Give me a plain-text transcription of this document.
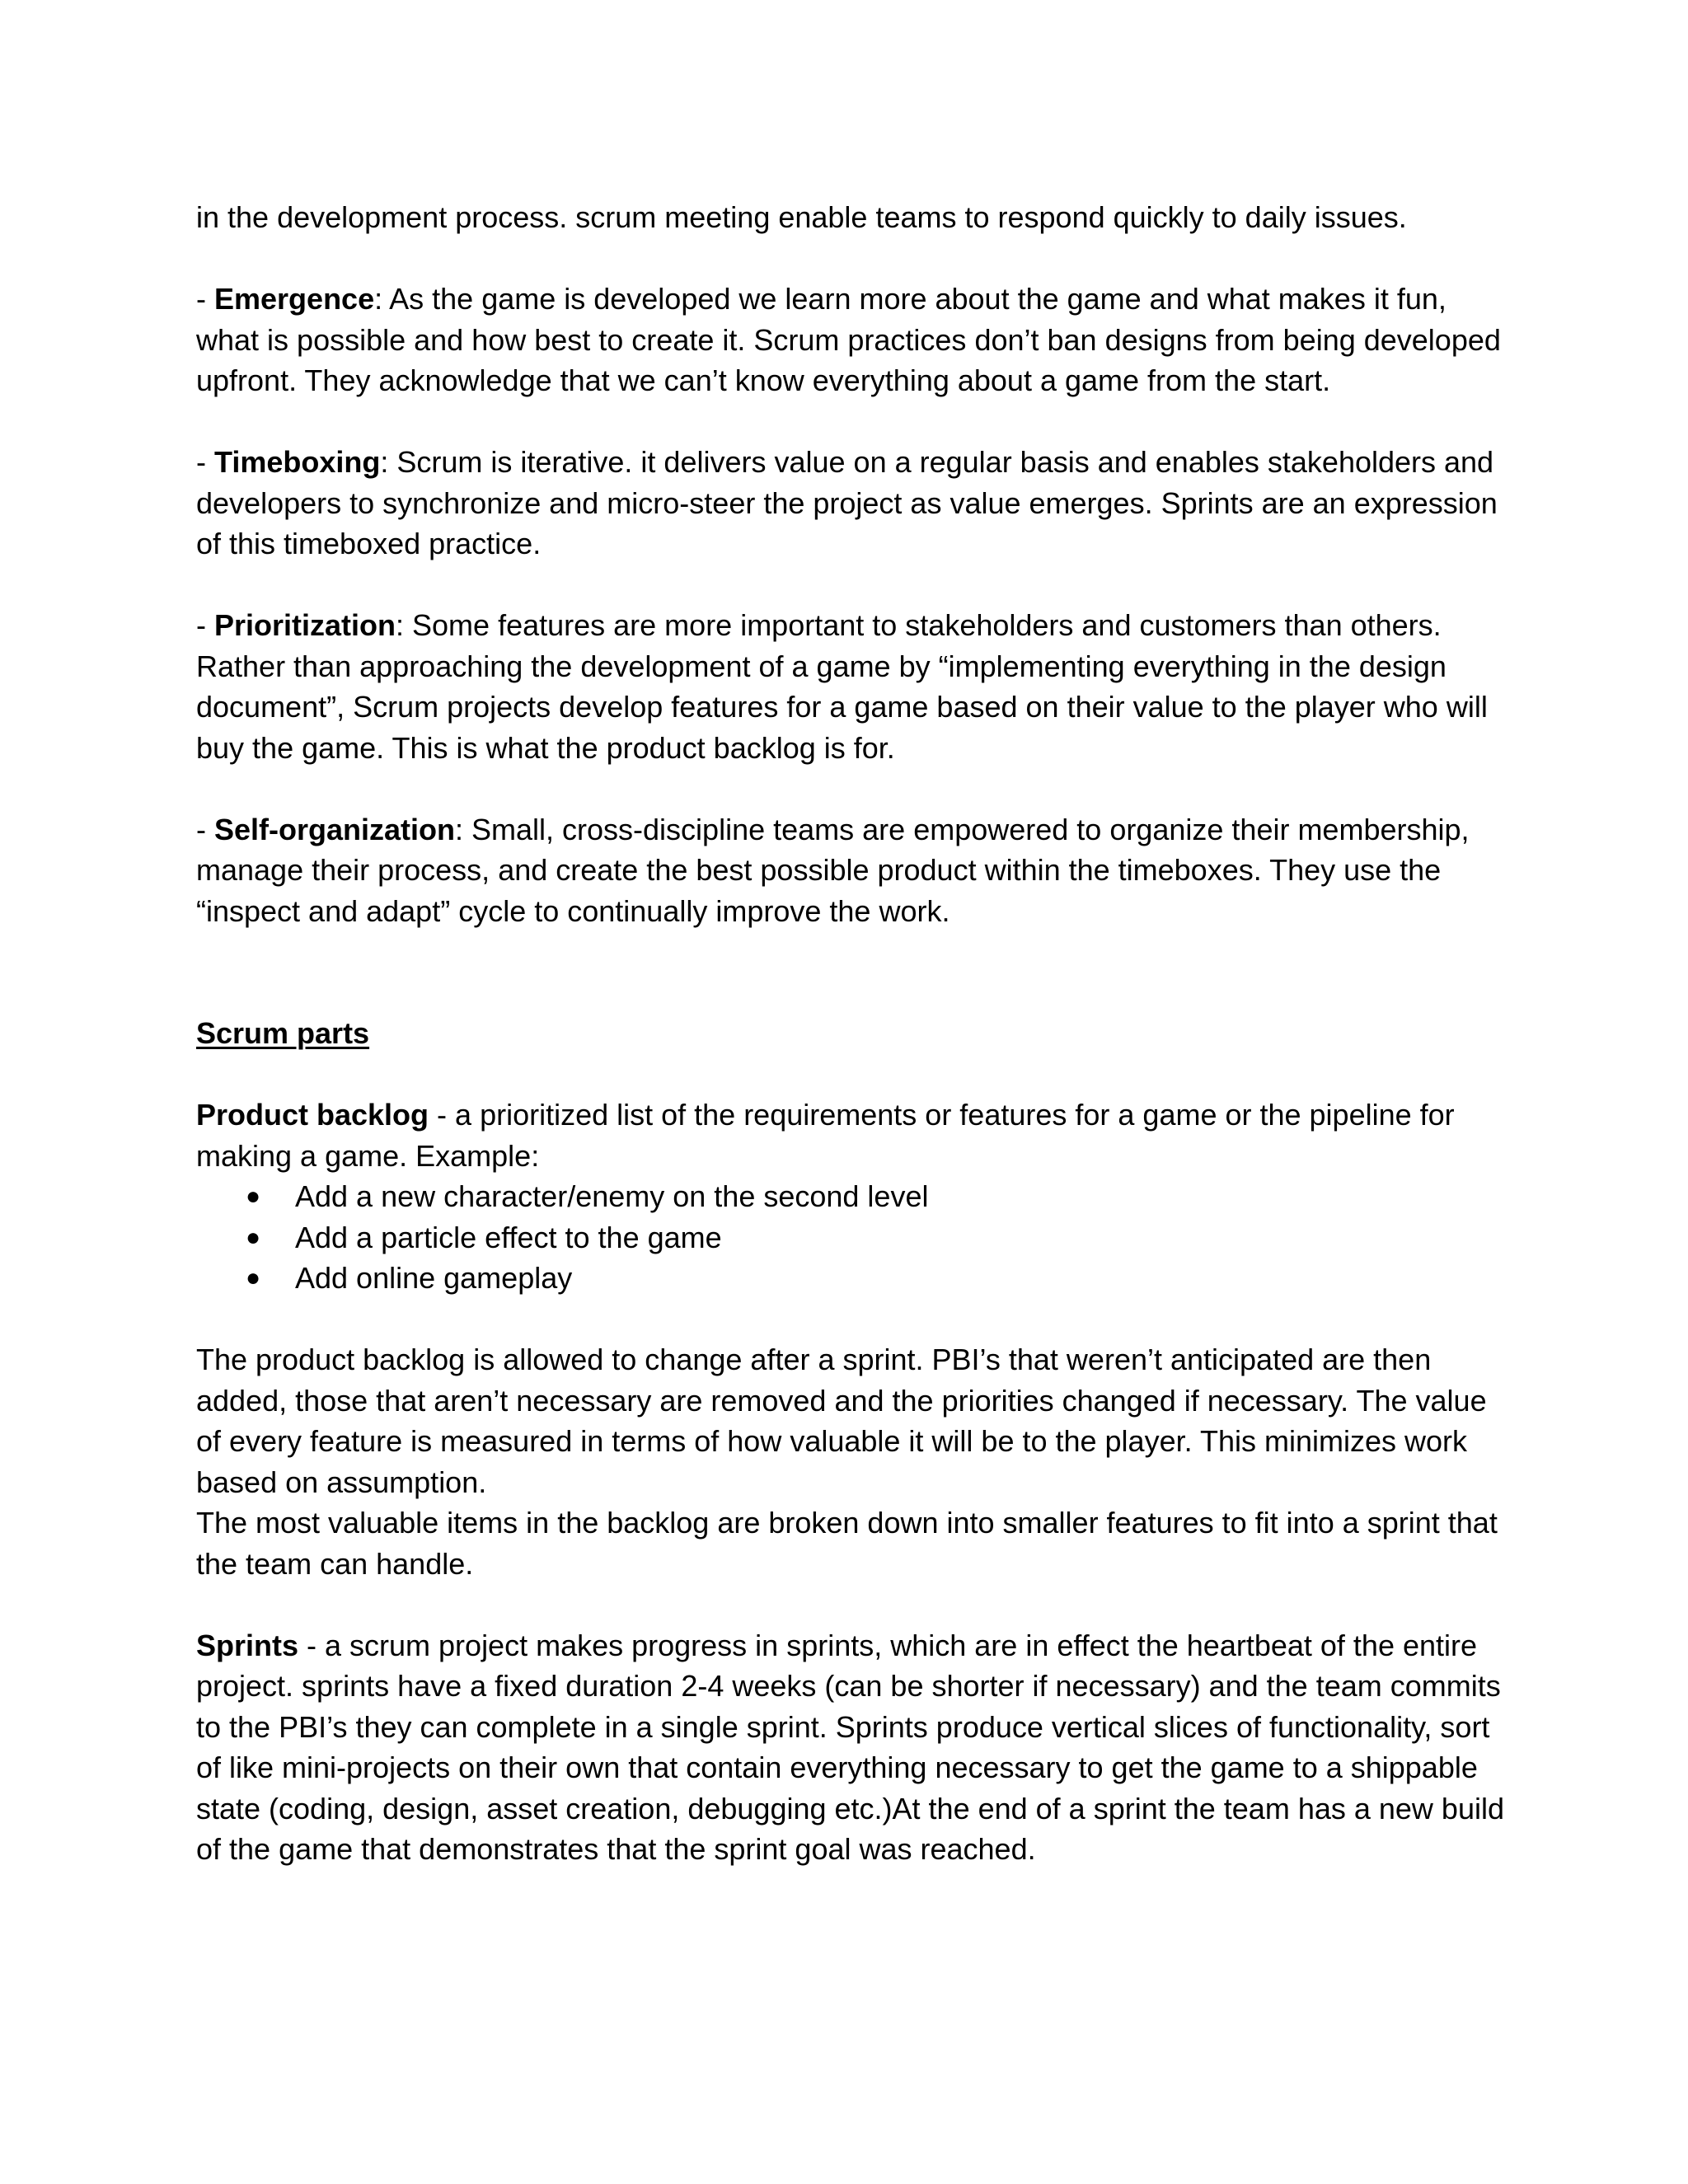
in the development process. scrum meeting enable teams to respond quickly to daily issues.

- Emergence: As the game is developed we learn more about the game and what makes it fun, what is possible and how best to create it. Scrum practices don’t ban designs from being developed upfront. They acknowledge that we can’t know everything about a game from the start.

- Timeboxing: Scrum is iterative. it delivers value on a regular basis and enables stakeholders and developers to synchronize and micro-steer the project as value emerges. Sprints are an expression of this timeboxed practice.

- Prioritization: Some features are more important to stakeholders and customers than others. Rather than approaching the development of a game by “implementing everything in the design document”, Scrum projects develop features for a game based on their value to the player who will buy the game. This is what the product backlog is for.

- Self-organization: Small, cross-discipline teams are empowered to organize their membership, manage their process, and create the best possible product within the timeboxes. They use the “inspect and adapt” cycle to continually improve the work.

Scrum parts

Product backlog - a prioritized list of the requirements or features for a game or the pipeline for making a game. Example:

● Add a new character/enemy on the second level
● Add a particle effect to the game
● Add online gameplay

The product backlog is allowed to change after a sprint. PBI’s that weren’t anticipated are then added, those that aren’t necessary are removed and the priorities changed if necessary. The value of every feature is measured in terms of how valuable it will be to the player. This minimizes work based on assumption.

The most valuable items in the backlog are broken down into smaller features to fit into a sprint that the team can handle.

Sprints - a scrum project makes progress in sprints, which are in effect the heartbeat of the entire project. sprints have a fixed duration 2-4 weeks (can be shorter if necessary) and the team commits to the PBI’s they can complete in a single sprint. Sprints produce vertical slices of functionality, sort of like mini-projects on their own that contain everything necessary to get the game to a shippable state (coding, design, asset creation, debugging etc.)At the end of a sprint the team has a new build of the game that demonstrates that the sprint goal was reached.
